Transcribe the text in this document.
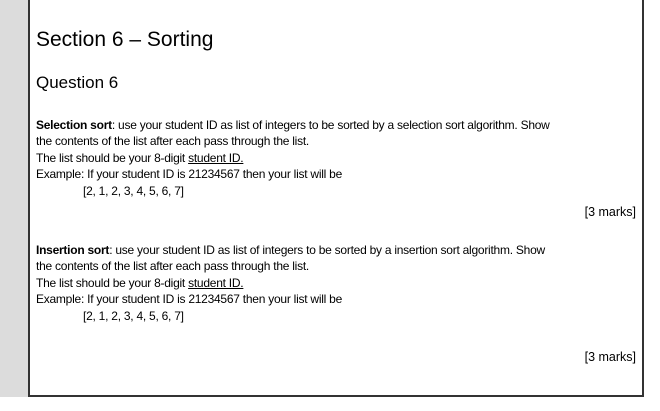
Section 6 – Sorting
Question 6
Selection sort: use your student ID as list of integers to be sorted by a selection sort algorithm. Show
the contents of the list after each pass through the list.
The list should be your 8-digit student ID.
Example: If your student ID is 21234567 then your list will be
[2, 1, 2, 3, 4, 5, 6, 7]
[3 marks]
Insertion sort: use your student ID as list of integers to be sorted by a insertion sort algorithm. Show
the contents of the list after each pass through the list.
The list should be your 8-digit student ID.
Example: If your student ID is 21234567 then your list will be
[2, 1, 2, 3, 4, 5, 6, 7]
[3 marks]
